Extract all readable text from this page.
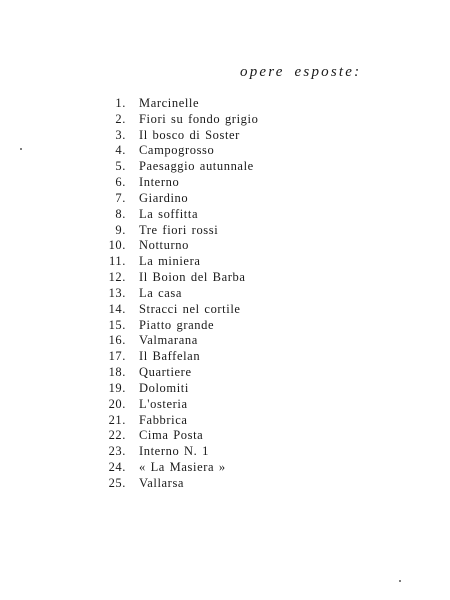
opere esposte:
1. Marcinelle
2. Fiori su fondo grigio
3. Il bosco di Soster
4. Campogrosso
5. Paesaggio autunnale
6. Interno
7. Giardino
8. La soffitta
9. Tre fiori rossi
10. Notturno
11. La miniera
12. Il Boion del Barba
13. La casa
14. Stracci nel cortile
15. Piatto grande
16. Valmarana
17. Il Baffelan
18. Quartiere
19. Dolomiti
20. L'osteria
21. Fabbrica
22. Cima Posta
23. Interno N. 1
24. « La Masiera »
25. Vallarsa
